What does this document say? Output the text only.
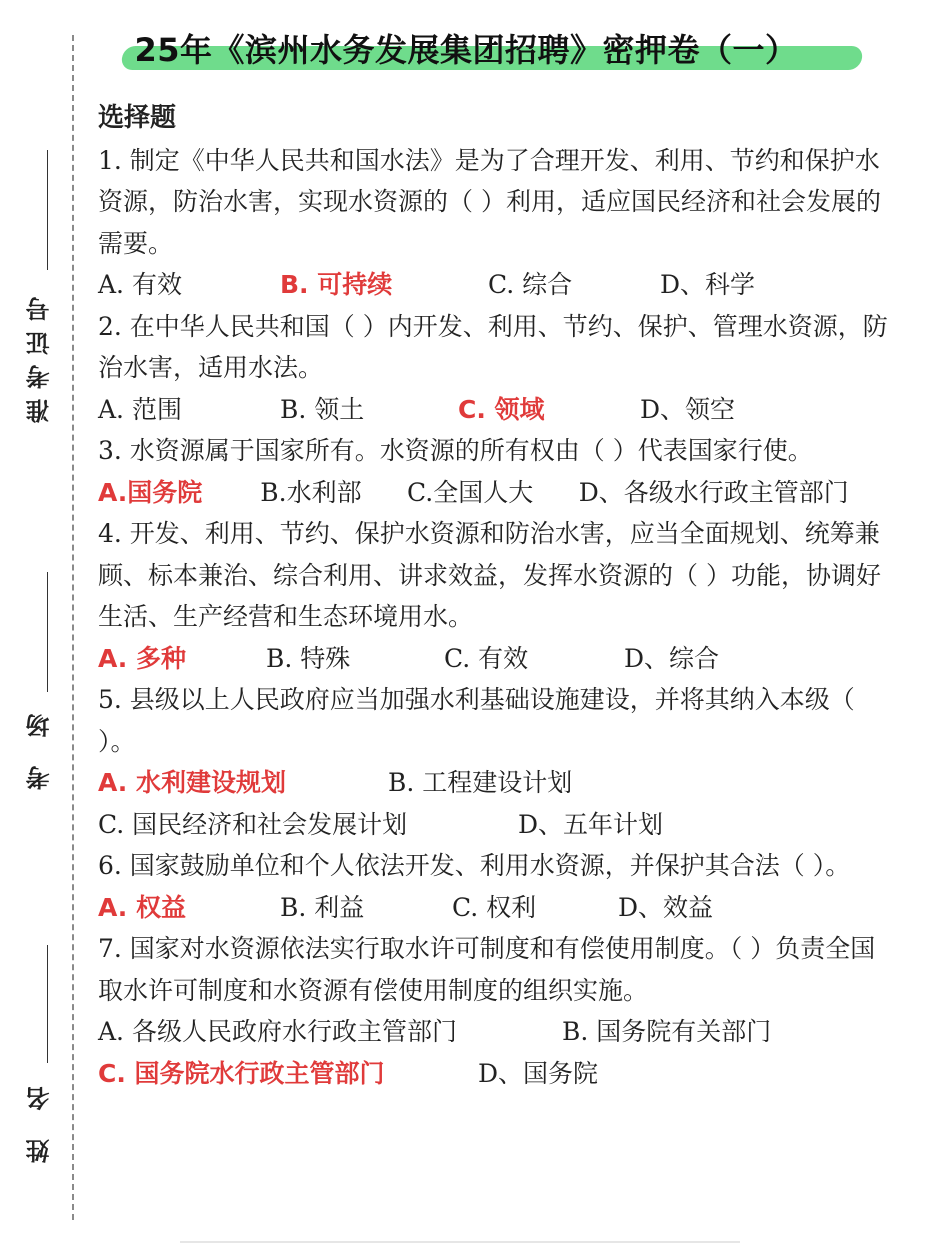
准考证号
考 场
姓 名
25年《滨州水务发展集团招聘》密押卷（一）
选择题

1. 制定《中华人民共和国水法》是为了合理开发、利用、节约和保护水资源，防治水害，实现水资源的（ ）利用，适应国民经济和社会发展的需要。

A. 有效	B. 可持续	C. 综合	D、科学

2. 在中华人民共和国（ ）内开发、利用、节约、保护、管理水资源，防治水害，适用水法。

A. 范围	B. 领土	C. 领域	D、领空

3. 水资源属于国家所有。水资源的所有权由（ ）代表国家行使。

A.国务院   B.水利部   C.全国人大   D、各级水行政主管部门

4. 开发、利用、节约、保护水资源和防治水害，应当全面规划、统筹兼顾、标本兼治、综合利用、讲求效益，发挥水资源的（ ）功能，协调好生活、生产经营和生态环境用水。

A. 多种	B. 特殊	C. 有效	D、综合

5. 县级以上人民政府应当加强水利基础设施建设，并将其纳入本级（ ）。

A. 水利建设规划	B. 工程建设计划
C. 国民经济和社会发展计划	D、五年计划

6. 国家鼓励单位和个人依法开发、利用水资源，并保护其合法（ ）。

A. 权益	B. 利益	C. 权利	D、效益

7. 国家对水资源依法实行取水许可制度和有偿使用制度。（ ）负责全国取水许可制度和水资源有偿使用制度的组织实施。

A. 各级人民政府水行政主管部门	B. 国务院有关部门
C. 国务院水行政主管部门	D、国务院
